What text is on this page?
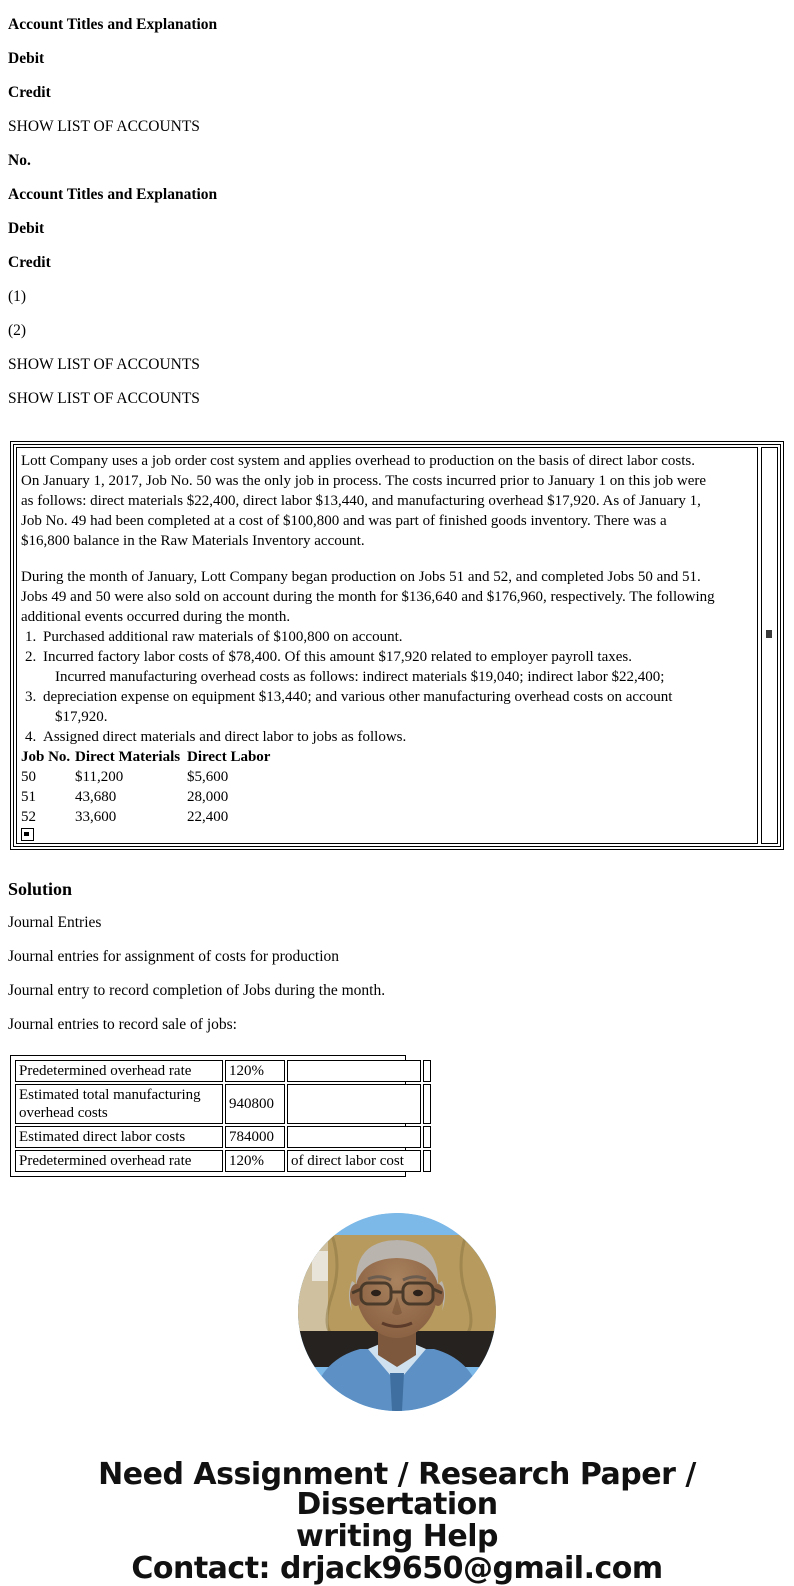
Account Titles and Explanation

Debit

Credit

SHOW LIST OF ACCOUNTS

No.

Account Titles and Explanation

Debit

Credit

(1)

(2)

SHOW LIST OF ACCOUNTS

SHOW LIST OF ACCOUNTS

Lott Company uses a job order cost system and applies overhead to production on the basis of direct labor costs.
On January 1, 2017, Job No. 50 was the only job in process. The costs incurred prior to January 1 on this job were
as follows: direct materials $22,400, direct labor $13,440, and manufacturing overhead $17,920. As of January 1,
Job No. 49 had been completed at a cost of $100,800 and was part of finished goods inventory. There was a
$16,800 balance in the Raw Materials Inventory account.
During the month of January, Lott Company began production on Jobs 51 and 52, and completed Jobs 50 and 51.
Jobs 49 and 50 were also sold on account during the month for $136,640 and $176,960, respectively. The following
additional events occurred during the month.
1. Purchased additional raw materials of $100,800 on account.
2. Incurred factory labor costs of $78,400. Of this amount $17,920 related to employer payroll taxes.
Incurred manufacturing overhead costs as follows: indirect materials $19,040; indirect labor $22,400;
3. depreciation expense on equipment $13,440; and various other manufacturing overhead costs on account
$17,920.
4. Assigned direct materials and direct labor to jobs as follows.
Job No.	Direct Materials	Direct Labor
50	$11,200	$5,600
51	43,680	28,000
52	33,600	22,400
Solution

Journal Entries

Journal entries for assignment of costs for production

Journal entry to record completion of Jobs during the month.

Journal entries to record sale of jobs:

Predetermined overhead rate	120%		
Estimated total manufacturing overhead costs	940800		
Estimated direct labor costs	784000		
Predetermined overhead rate	120%	of direct labor cost	
Need Assignment / Research Paper / Dissertation
writing Help
Contact: drjack9650@gmail.com
